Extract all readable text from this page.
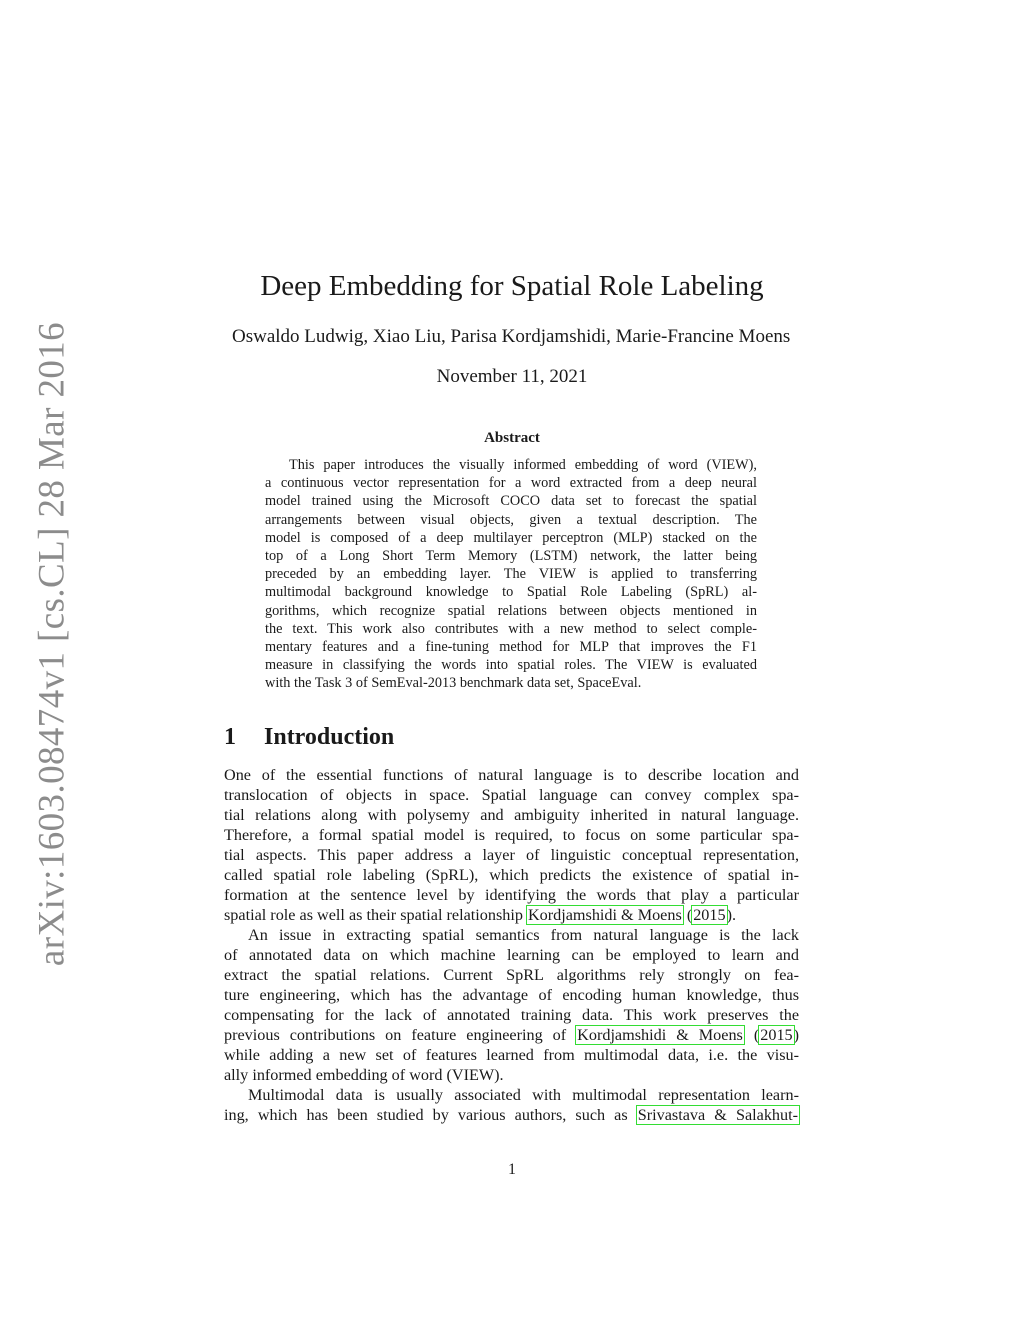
arXiv:1603.08474v1 [cs.CL] 28 Mar 2016
Deep Embedding for Spatial Role Labeling
Oswaldo Ludwig, Xiao Liu, Parisa Kordjamshidi, Marie-Francine Moens
November 11, 2021
Abstract
This paper introduces the visually informed embedding of word (VIEW),
a continuous vector representation for a word extracted from a deep neural
model trained using the Microsoft COCO data set to forecast the spatial
arrangements between visual objects, given a textual description. The
model is composed of a deep multilayer perceptron (MLP) stacked on the
top of a Long Short Term Memory (LSTM) network, the latter being
preceded by an embedding layer. The VIEW is applied to transferring
multimodal background knowledge to Spatial Role Labeling (SpRL) al-
gorithms, which recognize spatial relations between objects mentioned in
the text. This work also contributes with a new method to select comple-
mentary features and a fine-tuning method for MLP that improves the F1
measure in classifying the words into spatial roles. The VIEW is evaluated
with the Task 3 of SemEval-2013 benchmark data set, SpaceEval.
1 Introduction
One of the essential functions of natural language is to describe location and
translocation of objects in space. Spatial language can convey complex spa-
tial relations along with polysemy and ambiguity inherited in natural language.
Therefore, a formal spatial model is required, to focus on some particular spa-
tial aspects. This paper address a layer of linguistic conceptual representation,
called spatial role labeling (SpRL), which predicts the existence of spatial in-
formation at the sentence level by identifying the words that play a particular
spatial role as well as their spatial relationship Kordjamshidi & Moens (2015).
An issue in extracting spatial semantics from natural language is the lack
of annotated data on which machine learning can be employed to learn and
extract the spatial relations. Current SpRL algorithms rely strongly on fea-
ture engineering, which has the advantage of encoding human knowledge, thus
compensating for the lack of annotated training data. This work preserves the
previous contributions on feature engineering of Kordjamshidi & Moens (2015)
while adding a new set of features learned from multimodal data, i.e. the visu-
ally informed embedding of word (VIEW).
Multimodal data is usually associated with multimodal representation learn-
ing, which has been studied by various authors, such as Srivastava & Salakhut-
1
